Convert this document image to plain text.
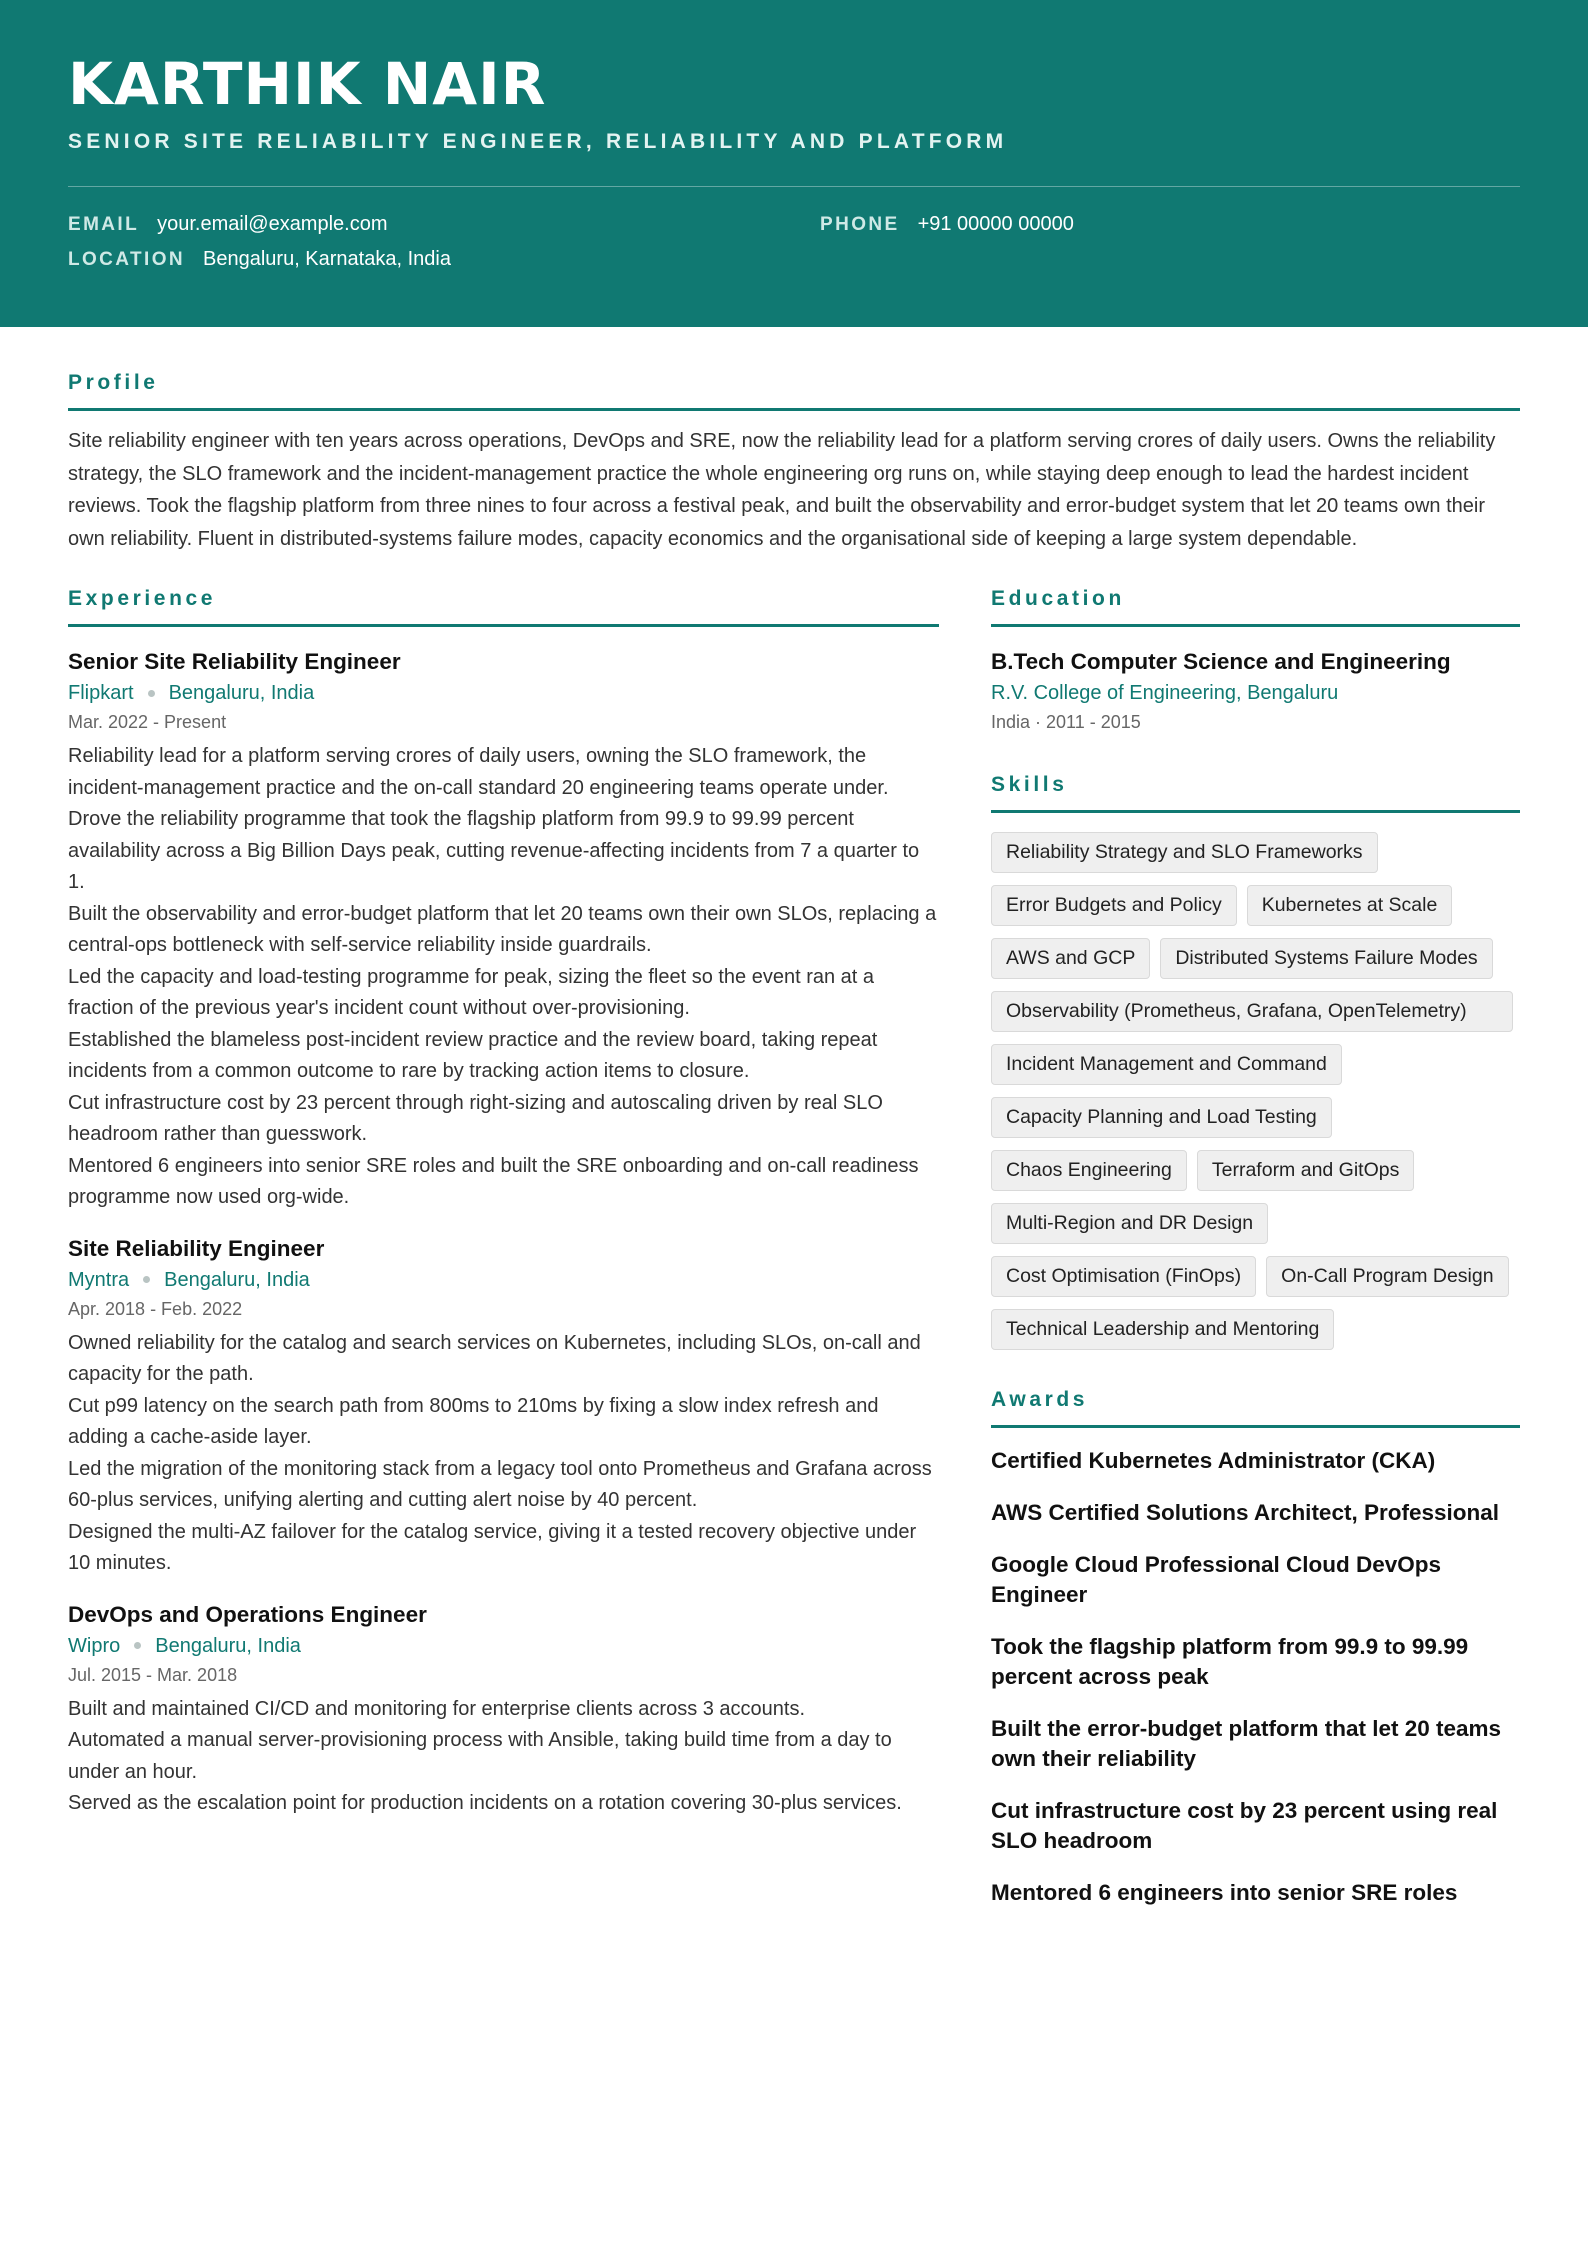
KARTHIK NAIR
SENIOR SITE RELIABILITY ENGINEER, RELIABILITY AND PLATFORM
EMAIL your.email@example.com	PHONE +91 00000 00000
LOCATION Bengaluru, Karnataka, India
Profile
Site reliability engineer with ten years across operations, DevOps and SRE, now the reliability lead for a platform serving crores of daily users. Owns the reliability strategy, the SLO framework and the incident-management practice the whole engineering org runs on, while staying deep enough to lead the hardest incident reviews. Took the flagship platform from three nines to four across a festival peak, and built the observability and error-budget system that let 20 teams own their own reliability. Fluent in distributed-systems failure modes, capacity economics and the organisational side of keeping a large system dependable.
Experience
Senior Site Reliability Engineer
Flipkart Bengaluru, India
Mar. 2022 - Present
Reliability lead for a platform serving crores of daily users, owning the SLO framework, the incident-management practice and the on-call standard 20 engineering teams operate under.
Drove the reliability programme that took the flagship platform from 99.9 to 99.99 percent availability across a Big Billion Days peak, cutting revenue-affecting incidents from 7 a quarter to 1.
Built the observability and error-budget platform that let 20 teams own their own SLOs, replacing a central-ops bottleneck with self-service reliability inside guardrails.
Led the capacity and load-testing programme for peak, sizing the fleet so the event ran at a fraction of the previous year's incident count without over-provisioning.
Established the blameless post-incident review practice and the review board, taking repeat incidents from a common outcome to rare by tracking action items to closure.
Cut infrastructure cost by 23 percent through right-sizing and autoscaling driven by real SLO headroom rather than guesswork.
Mentored 6 engineers into senior SRE roles and built the SRE onboarding and on-call readiness programme now used org-wide.
Site Reliability Engineer
Myntra Bengaluru, India
Apr. 2018 - Feb. 2022
Owned reliability for the catalog and search services on Kubernetes, including SLOs, on-call and capacity for the path.
Cut p99 latency on the search path from 800ms to 210ms by fixing a slow index refresh and adding a cache-aside layer.
Led the migration of the monitoring stack from a legacy tool onto Prometheus and Grafana across 60-plus services, unifying alerting and cutting alert noise by 40 percent.
Designed the multi-AZ failover for the catalog service, giving it a tested recovery objective under 10 minutes.
DevOps and Operations Engineer
Wipro Bengaluru, India
Jul. 2015 - Mar. 2018
Built and maintained CI/CD and monitoring for enterprise clients across 3 accounts.
Automated a manual server-provisioning process with Ansible, taking build time from a day to under an hour.
Served as the escalation point for production incidents on a rotation covering 30-plus services.
Education
B.Tech Computer Science and Engineering
R.V. College of Engineering, Bengaluru
India · 2011 - 2015
Skills
Reliability Strategy and SLO Frameworks
Error Budgets and Policy	Kubernetes at Scale
AWS and GCP	Distributed Systems Failure Modes
Observability (Prometheus, Grafana, OpenTelemetry)
Incident Management and Command
Capacity Planning and Load Testing
Chaos Engineering	Terraform and GitOps
Multi-Region and DR Design
Cost Optimisation (FinOps)	On-Call Program Design
Technical Leadership and Mentoring
Awards
Certified Kubernetes Administrator (CKA)
AWS Certified Solutions Architect, Professional
Google Cloud Professional Cloud DevOps Engineer
Took the flagship platform from 99.9 to 99.99 percent across peak
Built the error-budget platform that let 20 teams own their reliability
Cut infrastructure cost by 23 percent using real SLO headroom
Mentored 6 engineers into senior SRE roles
